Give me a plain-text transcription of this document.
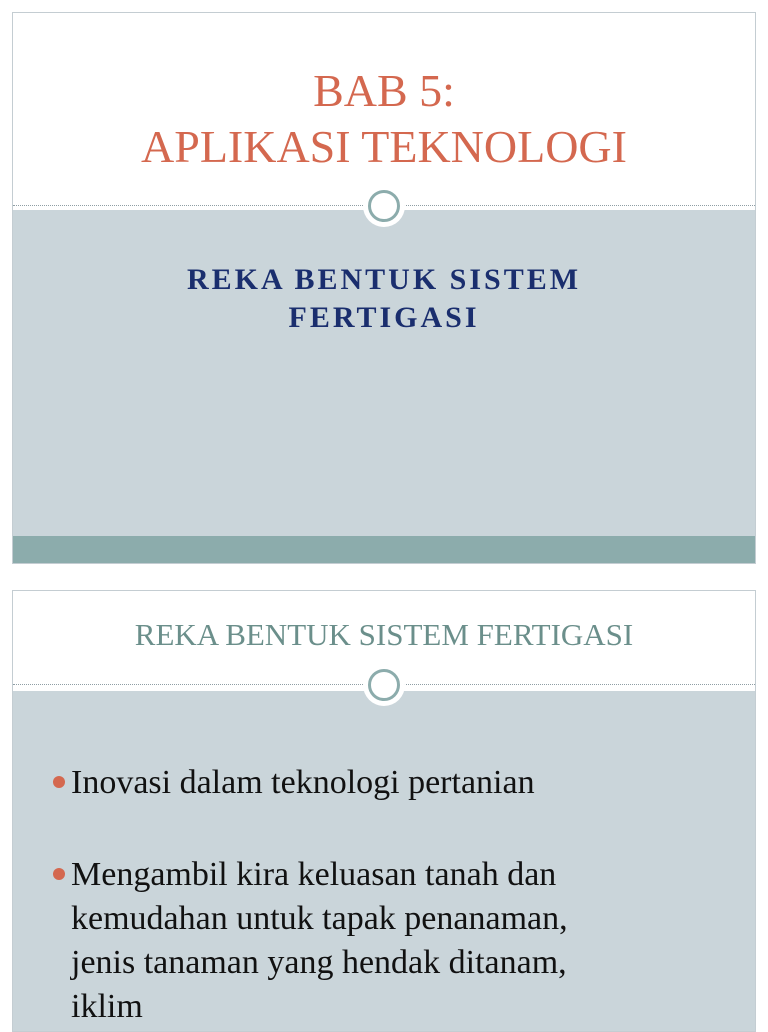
BAB 5:
APLIKASI TEKNOLOGI
REKA BENTUK SISTEM
FERTIGASI
REKA BENTUK SISTEM FERTIGASI
Inovasi dalam teknologi pertanian
Mengambil kira keluasan tanah dan
kemudahan untuk tapak penanaman,
jenis tanaman yang hendak ditanam,
iklim
